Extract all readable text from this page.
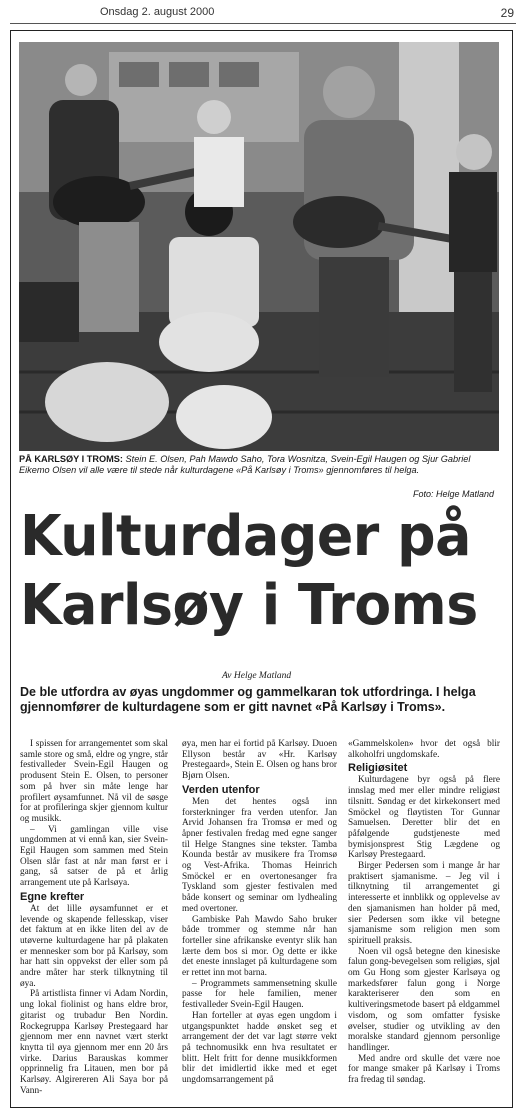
Onsdag 2. august 2000	29
PÅ KARLSØY I TROMS: Stein E. Olsen, Pah Mawdo Saho, Tora Wosnitza, Svein-Egil Haugen og Sjur Gabriel Eikemo Olsen vil alle være til stede når kulturdagene «På Karlsøy i Troms» gjennomføres til helga.
Foto: Helge Matland
Kulturdager på
Karlsøy i Troms
Av Helge Matland
De ble utfordra av øyas ungdommer og gammelkaran tok utfordringa. I helga gjennomfører de kulturdagene som er gitt navnet «På Karlsøy i Troms».

I spissen for arrangementet som skal samle store og små, eldre og yngre, står festivalleder Svein-Egil Haugen og produsent Stein E. Olsen, to personer som på hver sin måte lenge har profilert øysamfunnet. Nå vil de søsge for at profileringa skjer gjennom kultur og musikk.

– Vi gamlingan ville vise ungdommen at vi ennå kan, sier Svein-Egil Haugen som sammen med Stein Olsen slår fast at når man først er i gang, så satser de på et årlig arrangement ute på Karlsøya.

Egne krefter

At det lille øysamfunnet er et levende og skapende fellesskap, viser det faktum at en ikke liten del av de utøverne kulturdagene har på plakaten er mennesker som bor på Karlsøy, som har hatt sin oppvekst der eller som på andre måter har sterk tilknytning til øya.

På artistlista finner vi Adam Nordin, ung lokal fiolinist og hans eldre bror, gitarist og trubadur Ben Nordin. Rockegruppa Karlsøy Prestegaard har gjennom mer enn navnet vært sterkt knytta til øya gjennom mer enn 20 års virke. Darius Barauskas kommer opprinnelig fra Litauen, men bor på Karlsøy. Algirereren Ali Saya bor på Vann-

øya, men har ei fortid på Karlsøy. Duoen Ellyson består av «Hr. Karlsøy Prestegaard», Stein E. Olsen og hans bror Bjørn Olsen.

Verden utenfor

Men det hentes også inn forsterkninger fra verden utenfor. Jan Arvid Johansen fra Tromsø er med og åpner festivalen fredag med egne sanger til Helge Stangnes sine tekster. Tamba Kounda består av musikere fra Tromsø og Vest-Afrika. Thomas Heinrich Smöckel er en overtonesanger fra Tyskland som gjester festivalen med både konsert og seminar om lydhealing med overtoner.

Gambiske Pah Mawdo Saho bruker både trommer og stemme når han forteller sine afrikanske eventyr slik han lærte dem bos si mor. Og dette er ikke det eneste innslaget på kulturdagene som er rettet inn mot barna.

– Programmets sammensetning skulle passe for hele familien, mener festivalleder Svein-Egil Haugen.

Han forteller at øyas egen ungdom i utgangspunktet hadde ønsket seg et arrangement der det var lagt større vekt på technomusikk enn hva resultatet er blitt. Helt fritt for denne musikkformen blir det imidlertid ikke med et eget ungdomsarrangement på

«Gammelskolen» hvor det også blir alkoholfri ungdomskafe.

Religiøsitet

Kulturdagene byr også på flere innslag med mer eller mindre religiøst tilsnitt. Søndag er det kirkekonsert med Smöckel og fløytisten Tor Gunnar Samuelsen. Deretter blir det en påfølgende gudstjeneste med bymisjonsprest Stig Lægdene og Karlsøy Prestegaard.

Birger Pedersen som i mange år har praktisert sjamanisme. – Jeg vil i tilknytning til arrangementet gi interesserte et innblikk og opplevelse av den sjamanismen han holder på med, sier Pedersen som ikke vil betegne sjamanisme som religion men som spirituell praksis.

Noen vil også betegne den kinesiske falun gong-bevegelsen som religiøs, sjøl om Gu Hong som gjester Karlsøya og markedsfører falun gong i Norge karakteriserer den som en kultiveringsmetode basert på eldgammel visdom, og som omfatter fysiske øvelser, studier og utvikling av den moralske standard gjennom personlige handlinger.

Med andre ord skulle det være noe for mange smaker på Karlsøy i Troms fra fredag til søndag.
